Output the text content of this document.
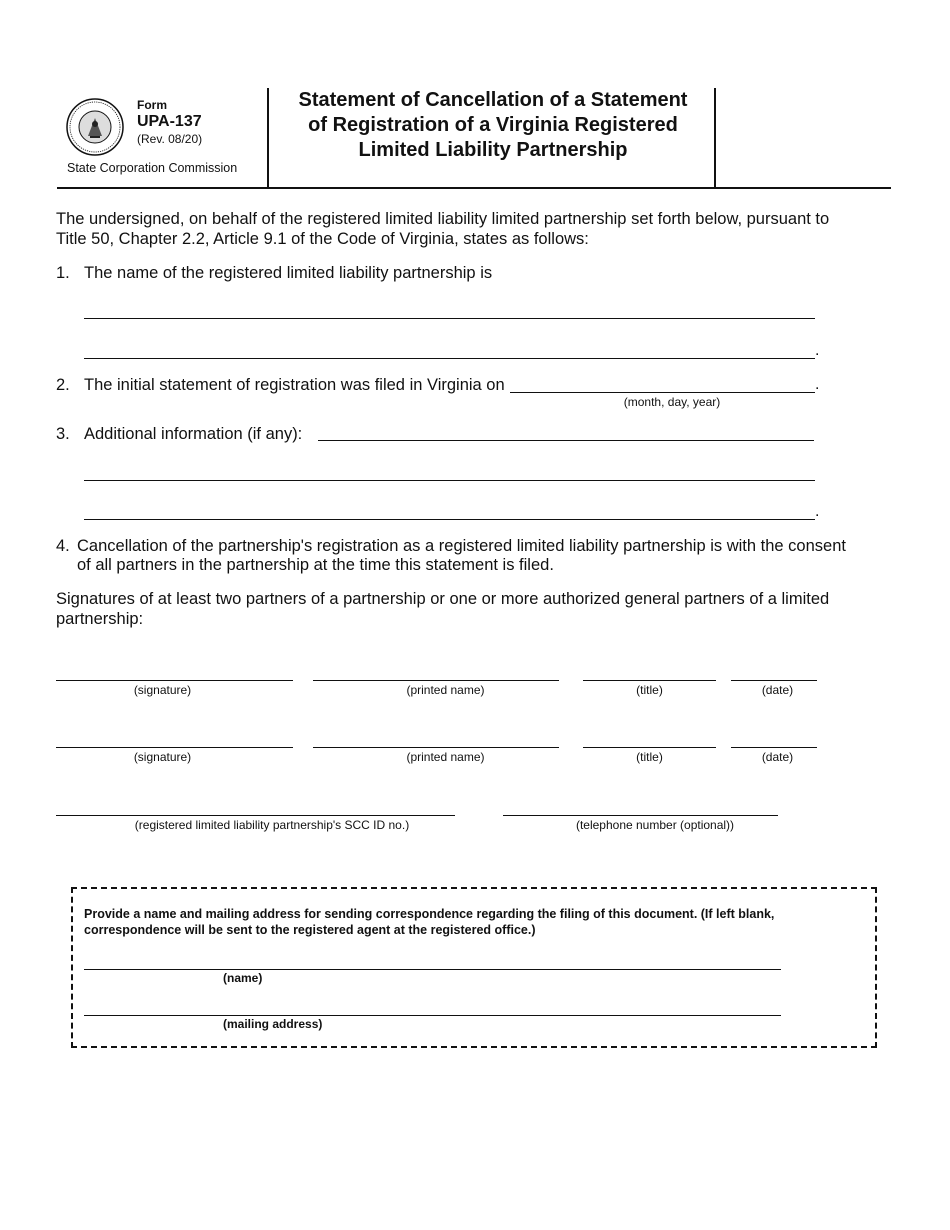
Form
UPA-137
(Rev. 08/20)
State Corporation Commission
Statement of Cancellation of a Statement
of Registration of a Virginia Registered
Limited Liability Partnership
The undersigned, on behalf of the registered limited liability limited partnership set forth below, pursuant to
Title 50, Chapter 2.2, Article 9.1 of the Code of Virginia, states as follows:
1. The name of the registered limited liability partnership is
.
2. The initial statement of registration was filed in Virginia on	.
(month, day, year)
3. Additional information (if any):
.
4. Cancellation of the partnership's registration as a registered limited liability partnership is with the consent
of all partners in the partnership at the time this statement is filed.
Signatures of at least two partners of a partnership or one or more authorized general partners of a limited
partnership:
(signature)	(printed name)	(title)	(date)
(signature)	(printed name)	(title)	(date)
(registered limited liability partnership's SCC ID no.)	(telephone number (optional))
Provide a name and mailing address for sending correspondence regarding the filing of this document. (If left blank,
correspondence will be sent to the registered agent at the registered office.)
(name)
(mailing address)
